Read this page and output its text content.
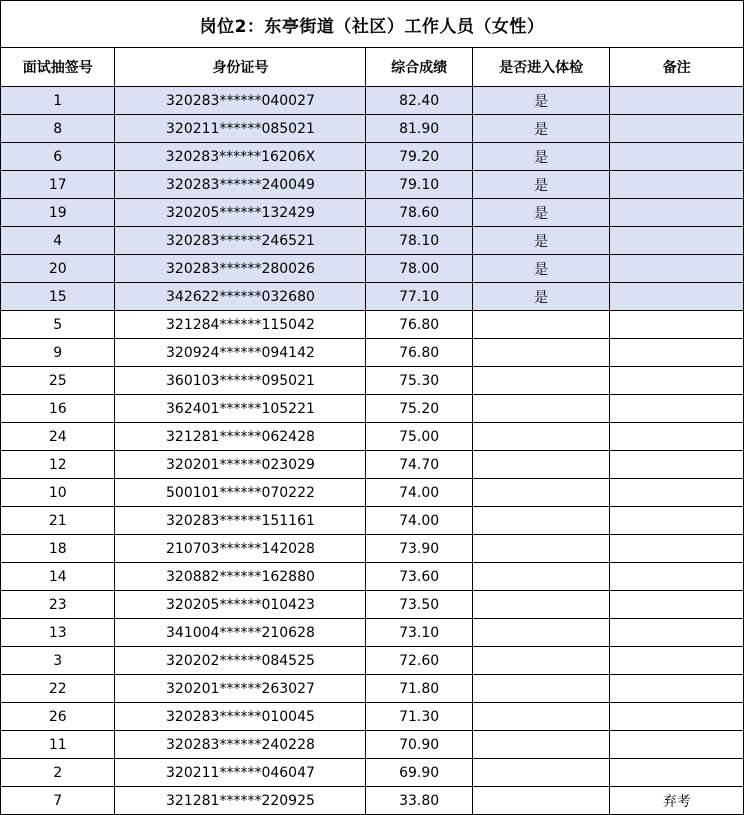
岗位2：东亭街道（社区）工作人员（女性）				
面试抽签号	身份证号	综合成绩	是否进入体检	备注
1	320283******040027	82.40	是	
8	320211******085021	81.90	是	
6	320283******16206X	79.20	是	
17	320283******240049	79.10	是	
19	320205******132429	78.60	是	
4	320283******246521	78.10	是	
20	320283******280026	78.00	是	
15	342622******032680	77.10	是	
5	321284******115042	76.80		
9	320924******094142	76.80		
25	360103******095021	75.30		
16	362401******105221	75.20		
24	321281******062428	75.00		
12	320201******023029	74.70		
10	500101******070222	74.00		
21	320283******151161	74.00		
18	210703******142028	73.90		
14	320882******162880	73.60		
23	320205******010423	73.50		
13	341004******210628	73.10		
3	320202******084525	72.60		
22	320201******263027	71.80		
26	320283******010045	71.30		
11	320283******240228	70.90		
2	320211******046047	69.90		
7	321281******220925	33.80		弃考
